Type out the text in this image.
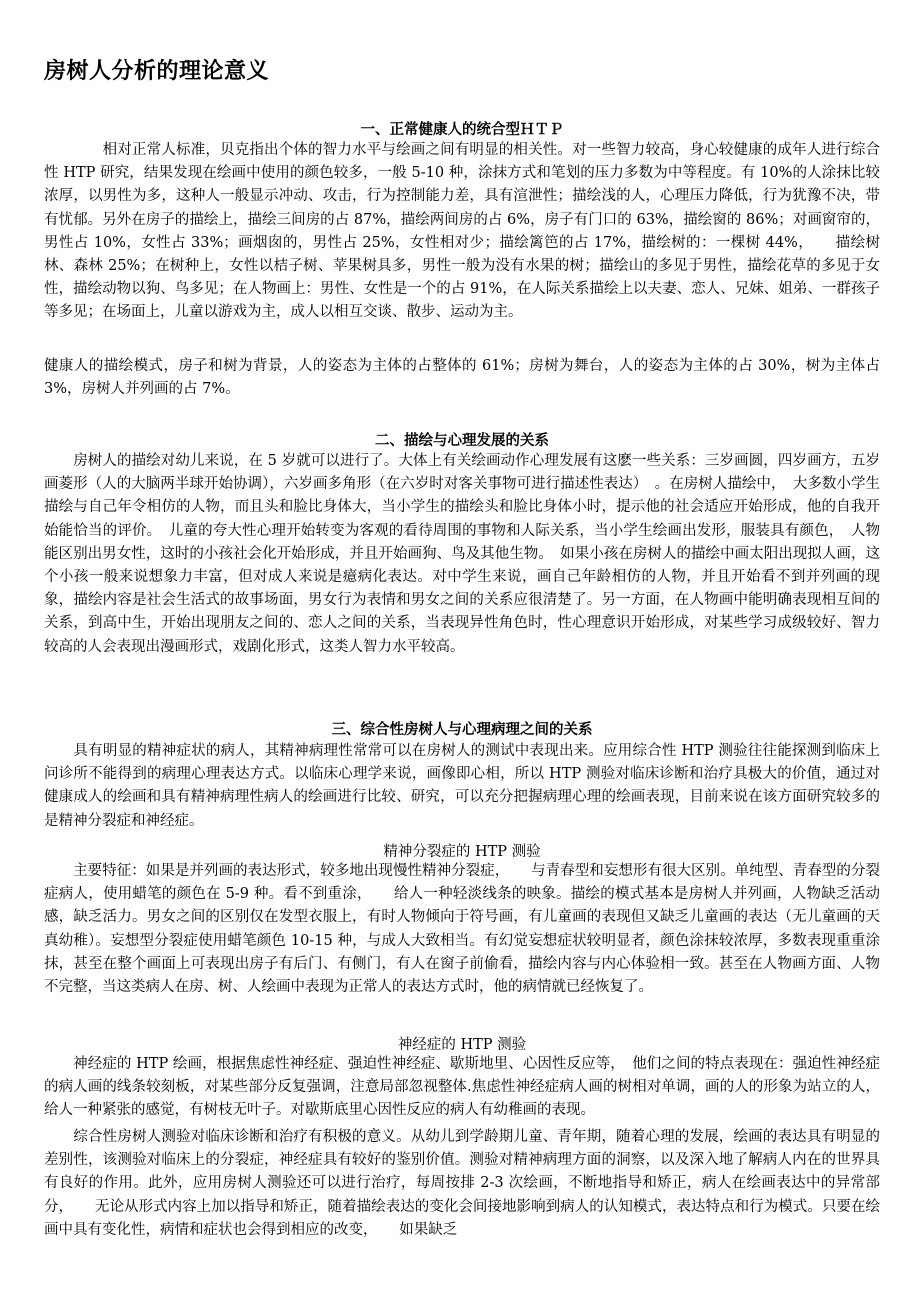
房树人分析的理论意义
一、正常健康人的统合型ＨＴＰ
　　　　相对正常人标准，贝克指出个体的智力水平与绘画之间有明显的相关性。对一些智力较高，身心较健康的成年人进行综合性 HTP 研究，结果发现在绘画中使用的颜色较多，一般 5-10 种，涂抹方式和笔划的压力多数为中等程度。有 10%的人涂抹比较浓厚，以男性为多，这种人一般显示冲动、攻击，行为控制能力差，具有渲泄性；描绘浅的人，心理压力降低，行为犹豫不决，带有忧郁。另外在房子的描绘上，描绘三间房的占 87%，描绘两间房的占 6%，房子有门口的 63%，描绘窗的 86%；对画窗帘的，男性占 10%，女性占 33%；画烟囱的，男性占 25%，女性相对少；描绘篱笆的占 17%，描绘树的：一棵树 44%，　　描绘树林、森林 25%；在树种上，女性以桔子树、苹果树具多，男性一般为没有水果的树；描绘山的多见于男性，描绘花草的多见于女性，描绘动物以狗、鸟多见；在人物画上：男性、女性是一个的占 91%，在人际关系描绘上以夫妻、恋人、兄妹、姐弟、一群孩子等多见；在场面上，儿童以游戏为主，成人以相互交谈、散步、运动为主。
健康人的描绘模式，房子和树为背景，人的姿态为主体的占整体的 61%；房树为舞台，人的姿态为主体的占 30%，树为主体占 3%，房树人并列画的占 7%。
二、描绘与心理发展的关系
　　房树人的描绘对幼儿来说，在 5 岁就可以进行了。大体上有关绘画动作心理发展有这麽一些关系：三岁画圆，四岁画方，五岁画菱形（人的大脑两半球开始协调），六岁画多角形（在六岁时对客关事物可进行描述性表达）　。在房树人描绘中，　大多数小学生描绘与自己年令相仿的人物，而且头和脸比身体大，当小学生的描绘头和脸比身体小时，提示他的社会适应开始形成，他的自我开始能恰当的评价。　儿童的夸大性心理开始转变为客观的看待周围的事物和人际关系，当小学生绘画出发形，服装具有颜色，　人物能区别出男女性，这时的小孩社会化开始形成，并且开始画狗、鸟及其他生物。　如果小孩在房树人的描绘中画太阳出现拟人画，这个小孩一般来说想象力丰富，但对成人来说是癔病化表达。对中学生来说，画自己年龄相仿的人物，并且开始看不到并列画的现象，描绘内容是社会生活式的故事场面，男女行为表情和男女之间的关系应很清楚了。另一方面，在人物画中能明确表现相互间的关系，到高中生，开始出现朋友之间的、恋人之间的关系，当表现异性角色时，性心理意识开始形成，对某些学习成级较好、智力较高的人会表现出漫画形式，戏剧化形式，这类人智力水平较高。
三、综合性房树人与心理病理之间的关系
　　具有明显的精神症状的病人，其精神病理性常常可以在房树人的测试中表现出来。应用综合性 HTP 测验往往能探测到临床上问诊所不能得到的病理心理表达方式。以临床心理学来说，画像即心相，所以 HTP 测验对临床诊断和治疗具极大的价值，通过对健康成人的绘画和具有精神病理性病人的绘画进行比较、研究，可以充分把握病理心理的绘画表现，目前来说在该方面研究较多的是精神分裂症和神经症。
精神分裂症的 HTP 测验
　　主要特征：如果是并列画的表达形式，较多地出现慢性精神分裂症，　　与青春型和妄想形有很大区别。单纯型、青春型的分裂症病人，使用蜡笔的颜色在 5-9 种。看不到重涂，　　给人一种轻淡线条的映象。描绘的模式基本是房树人并列画，人物缺乏活动感，缺乏活力。男女之间的区别仅在发型衣服上，有时人物倾向于符号画，有儿童画的表现但又缺乏儿童画的表达（无儿童画的天真幼稚）。妄想型分裂症使用蜡笔颜色 10-15 种，与成人大致相当。有幻觉妄想症状较明显者，颜色涂抹较浓厚，多数表现重重涂抹，甚至在整个画面上可表现出房子有后门、有侧门，有人在窗子前偷看，描绘内容与内心体验相一致。甚至在人物画方面、人物不完整，当这类病人在房、树、人绘画中表现为正常人的表达方式时，他的病情就已经恢复了。
神经症的 HTP 测验
　　神经症的 HTP 绘画，根据焦虑性神经症、强迫性神经症、歇斯地里、心因性反应等，　他们之间的特点表现在：强迫性神经症的病人画的线条较刻板，对某些部分反复强调，注意局部忽视整体.焦虑性神经症病人画的树相对单调，画的人的形象为站立的人，给人一种紧张的感觉，有树枝无叶子。对歇斯底里心因性反应的病人有幼稚画的表现。
　　综合性房树人测验对临床诊断和治疗有积极的意义。从幼儿到学龄期儿童、青年期，随着心理的发展，绘画的表达具有明显的差别性，该测验对临床上的分裂症，神经症具有较好的鉴别价值。测验对精神病理方面的洞察，以及深入地了解病人内在的世界具有良好的作用。此外，应用房树人测验还可以进行治疗，每周按排 2-3 次绘画，不断地指导和矫正，病人在绘画表达中的异常部分，　　无论从形式内容上加以指导和矫正，随着描绘表达的变化会间接地影响到病人的认知模式，表达特点和行为模式。只要在绘画中具有变化性，病情和症状也会得到相应的改变，　　如果缺乏
